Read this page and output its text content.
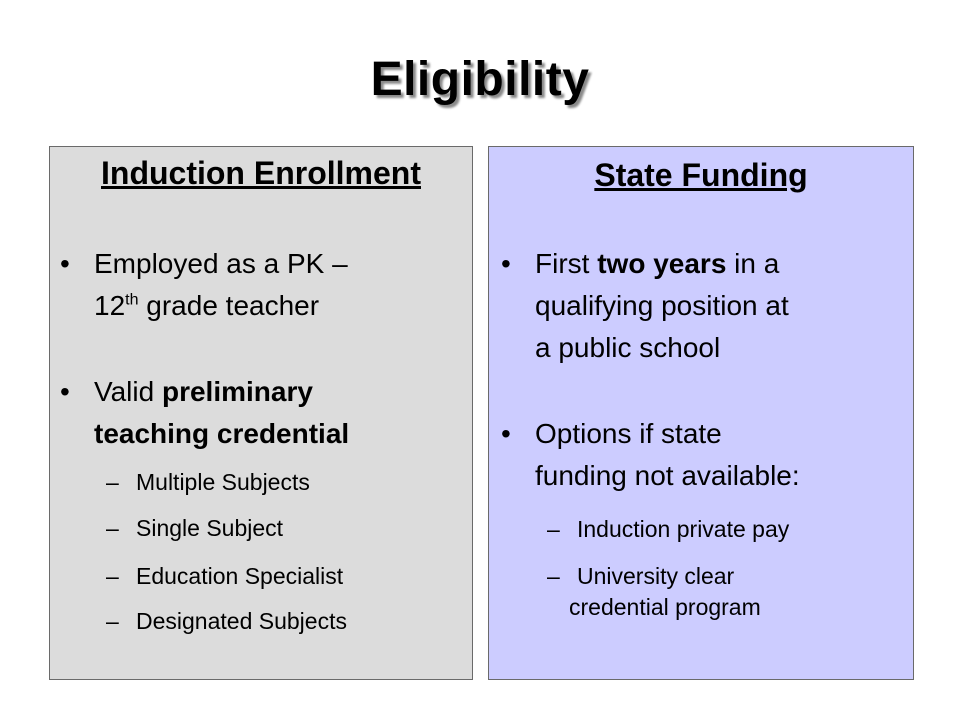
Eligibility
Induction Enrollment
• Employed as a PK –
12th grade teacher
• Valid preliminary
teaching credential
– Multiple Subjects
– Single Subject
– Education Specialist
– Designated Subjects
State Funding
• First two years in a
qualifying position at
a public school
• Options if state
funding not available:
– Induction private pay
– University clear
credential program
